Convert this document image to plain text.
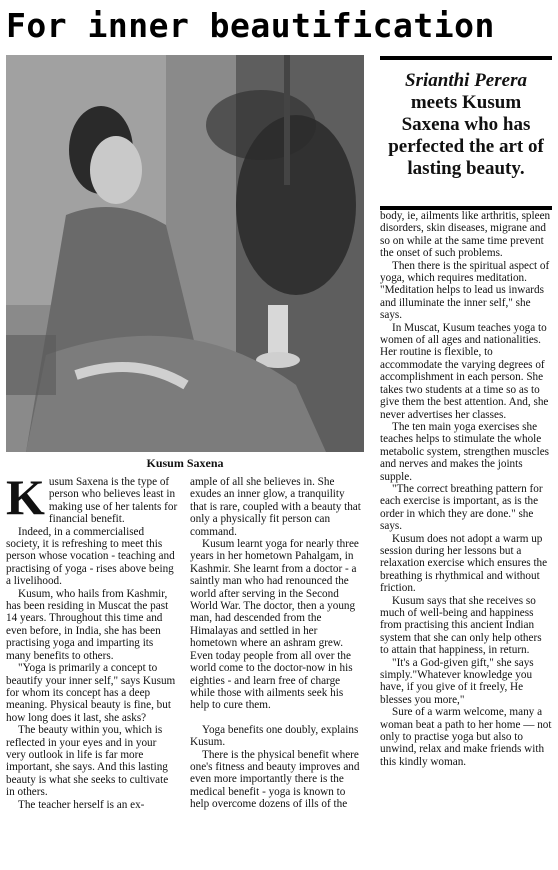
For inner beautification
Kusum Saxena
Srianthi Perera
meets Kusum Saxena who has perfected the art of lasting beauty.

Kusum Saxena is the type of person who believes least in making use of her talents for financial benefit.

Indeed, in a commercialised society, it is refreshing to meet this person whose vocation - teaching and practising of yoga - rises above being a livelihood.

Kusum, who hails from Kashmir, has been residing in Muscat the past 14 years. Throughout this time and even before, in India, she has been practising yoga and imparting its many benefits to others.

"Yoga is primarily a concept to beautify your inner self," says Kusum for whom its concept has a deep meaning. Physical beauty is fine, but how long does it last, she asks?

The beauty within you, which is reflected in your eyes and in your very outlook in life is far more important, she says. And this lasting beauty is what she seeks to cultivate in others.

The teacher herself is an ex-

ample of all she believes in. She exudes an inner glow, a tranquility that is rare, coupled with a beauty that only a physically fit person can command.

Kusum learnt yoga for nearly three years in her hometown Pahalgam, in Kashmir. She learnt from a doctor - a saintly man who had renounced the world after serving in the Second World War. The doctor, then a young man, had descended from the Himalayas and settled in her hometown where an ashram grew. Even today people from all over the world come to the doctor-now in his eighties - and learn free of charge while those with ailments seek his help to cure them.

Yoga benefits one doubly, explains Kusum.

There is the physical benefit where one's fitness and beauty improves and even more importantly there is the medical benefit - yoga is known to help overcome dozens of ills of the

body, ie, ailments like arthritis, spleen disorders, skin diseases, migrane and so on while at the same time prevent the onset of such problems.

Then there is the spiritual aspect of yoga, which requires meditation. "Meditation helps to lead us inwards and illuminate the inner self," she says.

In Muscat, Kusum teaches yoga to women of all ages and nationalities. Her routine is flexible, to accommodate the varying degrees of accomplishment in each person. She takes two students at a time so as to give them the best attention. And, she never advertises her classes.

The ten main yoga exercises she teaches helps to stimulate the whole metabolic system, strengthen muscles and nerves and makes the joints supple.

"The correct breathing pattern for each exercise is important, as is the order in which they are done." she says.

Kusum does not adopt a warm up session during her lessons but a relaxation exercise which ensures the breathing is rhythmical and without friction.

Kusum says that she receives so much of well-being and happiness from practising this ancient Indian system that she can only help others to attain that happiness, in return.

"It's a God-given gift," she says simply."Whatever knowledge you have, if you give of it freely, He blesses you more,"

Sure of a warm welcome, many a woman beat a path to her home — not only to practise yoga but also to unwind, relax and make friends with this kindly woman.
